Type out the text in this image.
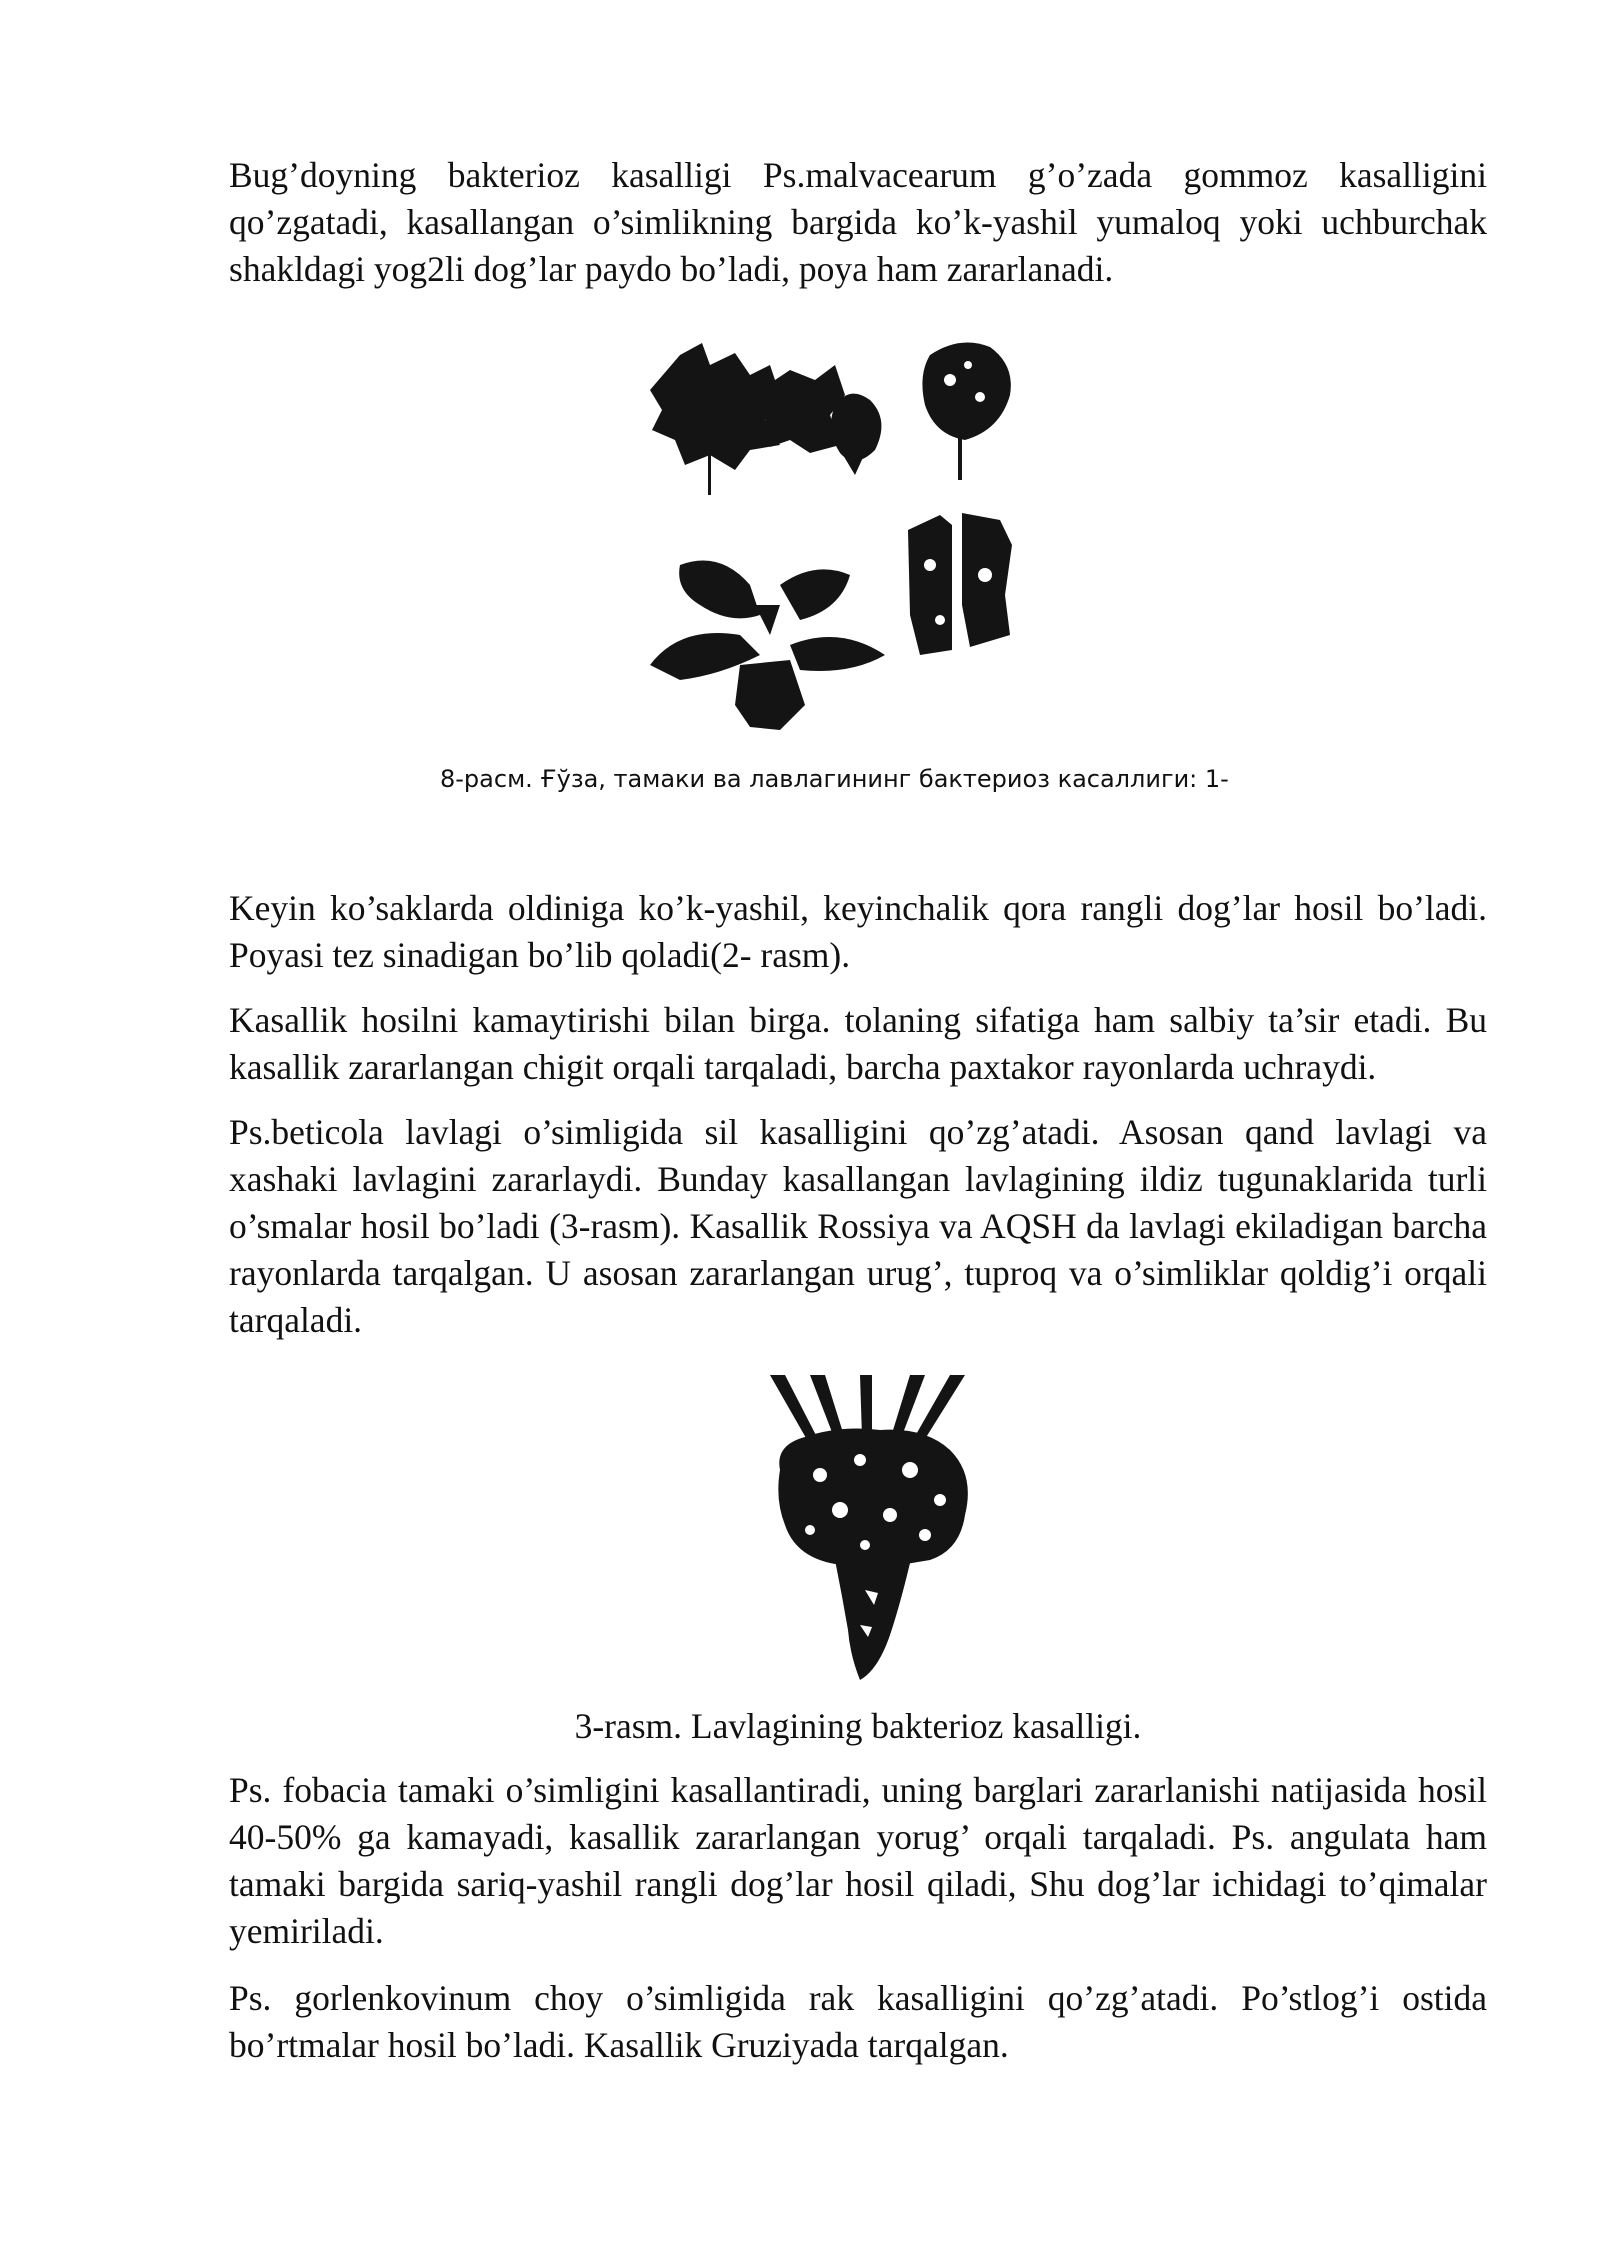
Bug’doyning bakterioz kasalligi Ps.malvacearum g’o’zada gommoz kasalligini qo’zgatadi, kasallangan o’simlikning bargida ko’k-yashil yumaloq yoki uchburchak shakldagi yog2li dog’lar paydo bo’ladi, poya ham zararlanadi.

8-расм. Ғўза, тамаки ва лавлагининг бактериоз касаллиги: 1-

Keyin ko’saklarda oldiniga ko’k-yashil, keyinchalik qora rangli dog’lar hosil bo’ladi. Poyasi tez sinadigan bo’lib qoladi(2- rasm).

Kasallik hosilni kamaytirishi bilan birga. tolaning sifatiga ham salbiy ta’sir etadi. Bu kasallik zararlangan chigit orqali tarqaladi, barcha paxtakor rayonlarda uchraydi.

Ps.beticola lavlagi o’simligida sil kasalligini qo’zg’atadi. Asosan qand lavlagi va xashaki lavlagini zararlaydi. Bunday kasallangan lavlagining ildiz tugunaklarida turli o’smalar hosil bo’ladi (3-rasm). Kasallik Rossiya va AQSH da lavlagi ekiladigan barcha rayonlarda tarqalgan. U asosan zararlangan urug’, tuproq va o’simliklar qoldig’i orqali tarqaladi.

3-rasm. Lavlagining bakterioz kasalligi.

Ps. fobacia tamaki o’simligini kasallantiradi, uning barglari zararlanishi natijasida hosil 40-50% ga kamayadi, kasallik zararlangan yorug’ orqali tarqaladi. Ps. angulata ham tamaki bargida sariq-yashil rangli dog’lar hosil qiladi, Shu dog’lar ichidagi to’qimalar yemiriladi.

Ps. gorlenkovinum choy o’simligida rak kasalligini qo’zg’atadi. Po’stlog’i ostida bo’rtmalar hosil bo’ladi. Kasallik Gruziyada tarqalgan.
